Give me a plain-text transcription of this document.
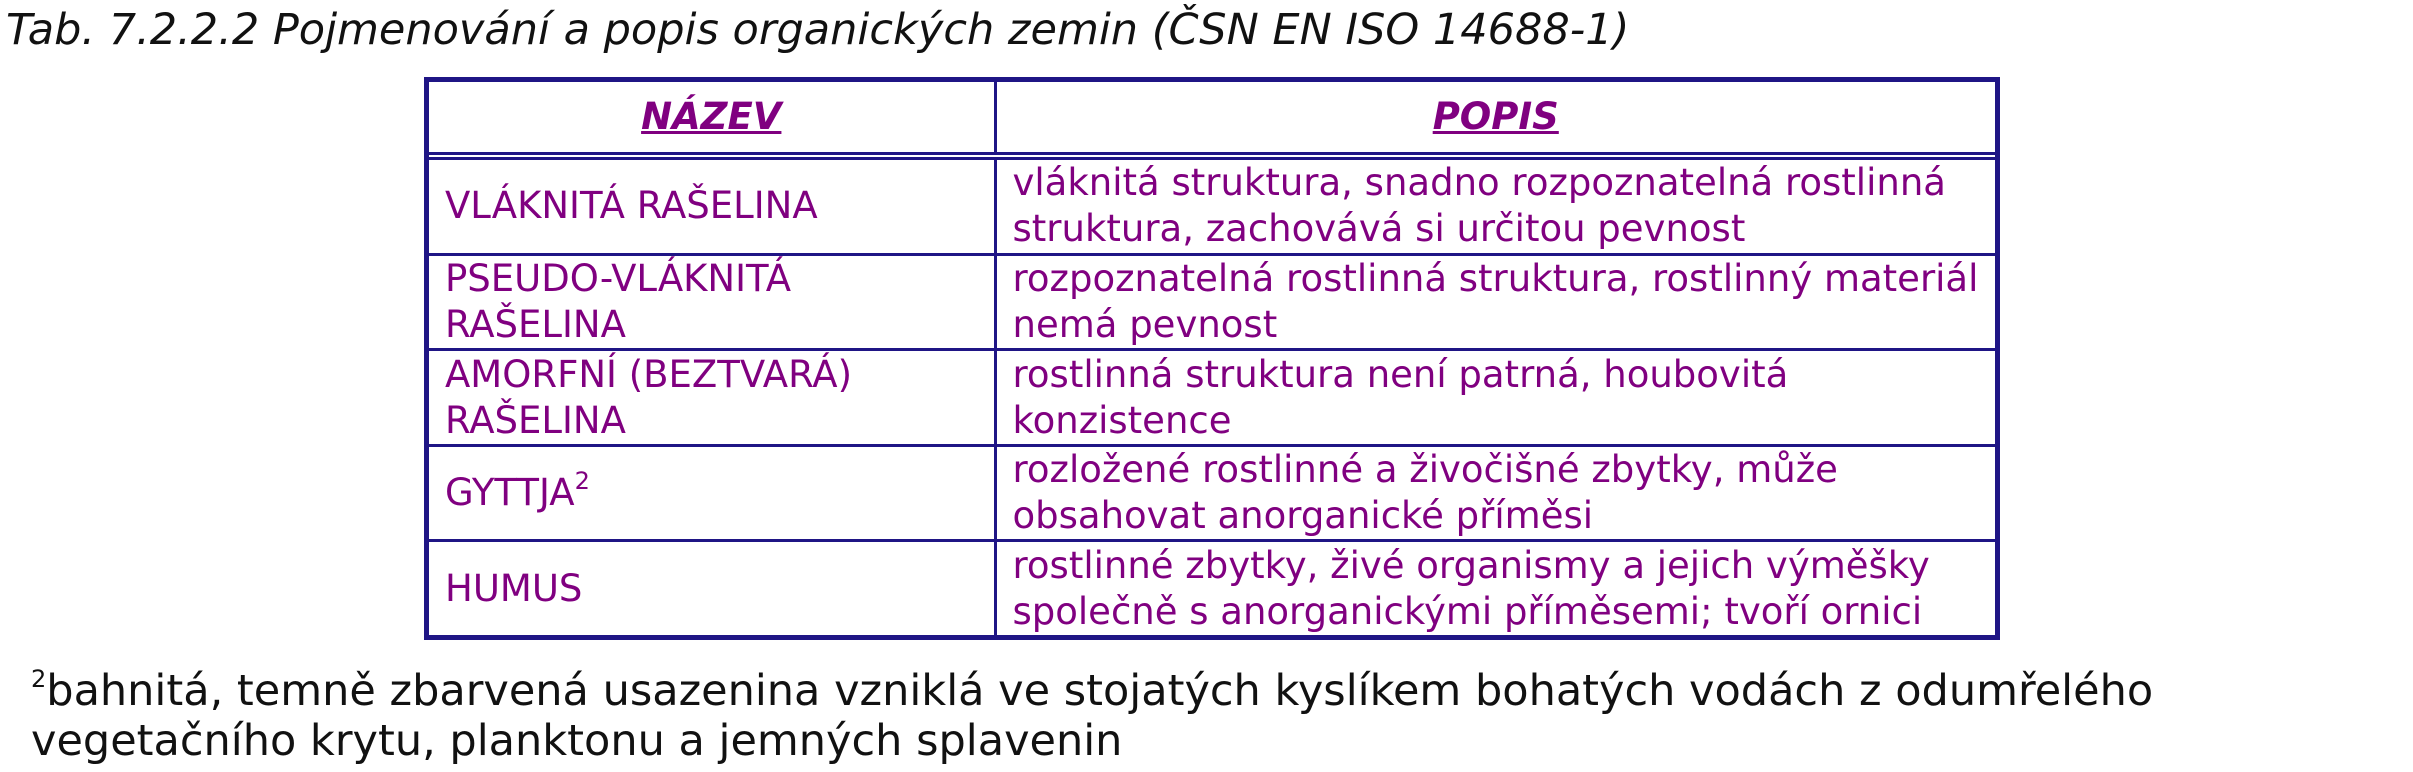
Tab. 7.2.2.2 Pojmenování a popis organických zemin (ČSN EN ISO 14688-1)
NÁZEV	POPIS
VLÁKNITÁ RAŠELINA	vláknitá struktura, snadno rozpoznatelná rostlinná struktura, zachovává si určitou pevnost
PSEUDO-VLÁKNITÁ RAŠELINA	rozpoznatelná rostlinná struktura, rostlinný materiál nemá pevnost
AMORFNÍ (BEZTVARÁ) RAŠELINA	rostlinná struktura není patrná, houbovitá konzistence
GYTTJA$^2$	rozložené rostlinné a živočišné zbytky, může obsahovat anorganické příměsi
HUMUS	rostlinné zbytky, živé organismy a jejich výměšky společně s anorganickými příměsemi; tvoří ornici
$^2$bahnitá, temně zbarvená usazenina vzniklá ve stojatých kyslíkem bohatých vodách z odumřelého vegetačního krytu, planktonu a jemných splavenin
